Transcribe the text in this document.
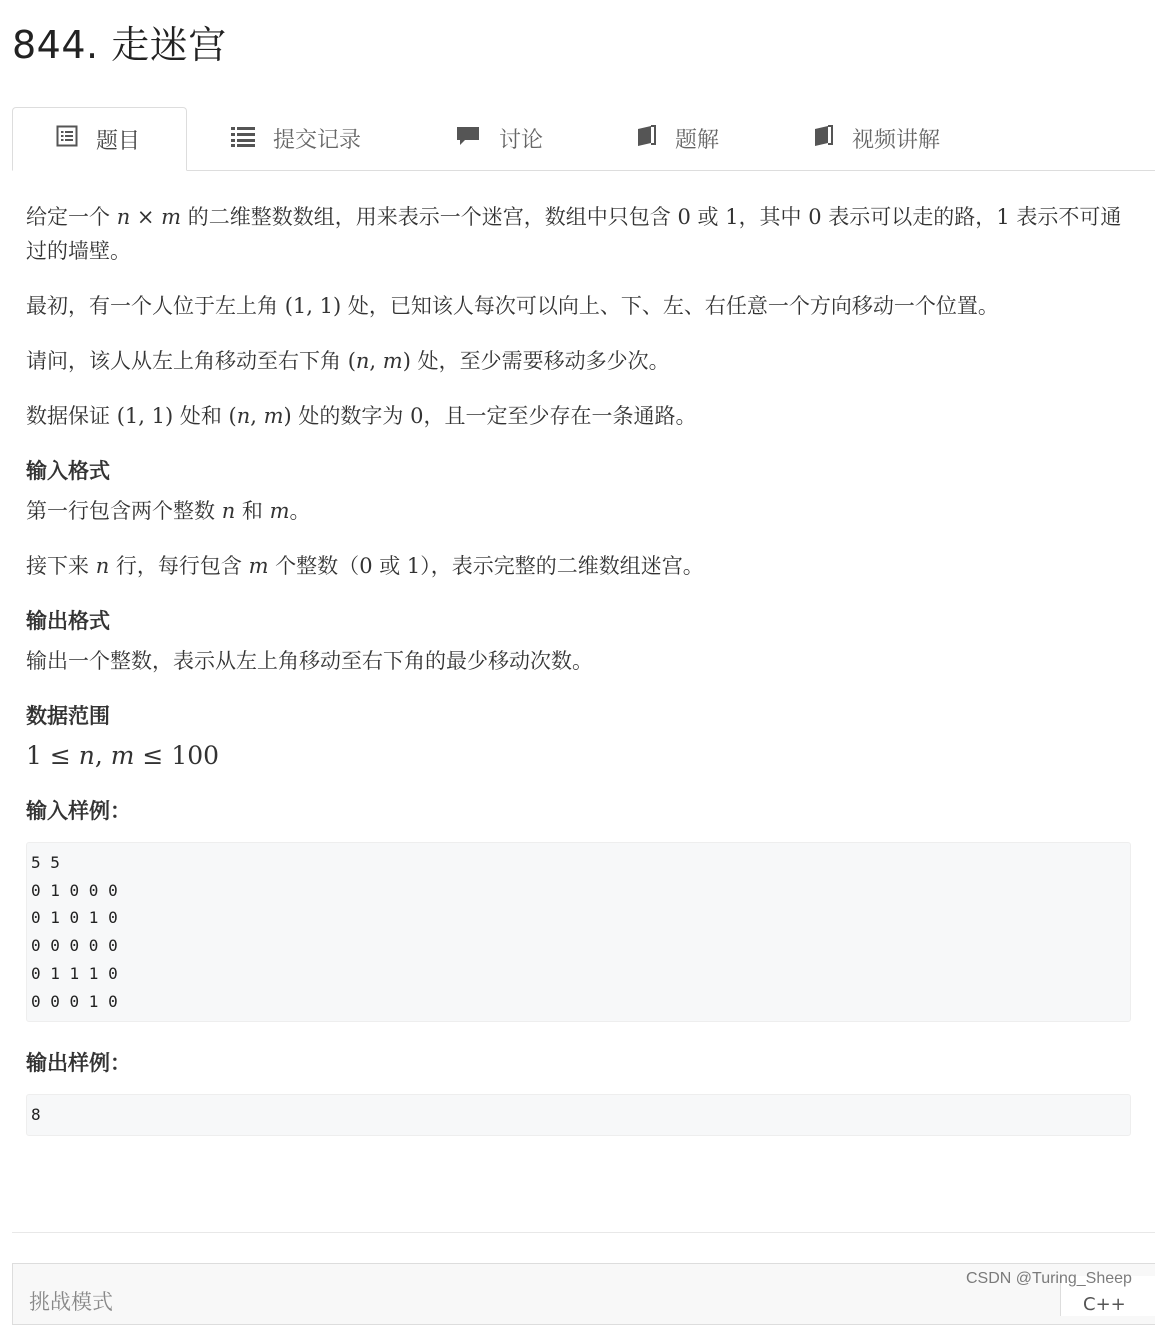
844. 走迷宫
题目	提交记录	讨论	题解	视频讲解

给定一个 n × m 的二维整数数组，用来表示一个迷宫，数组中只包含 0 或 1，其中 0 表示可以走的路，1 表示不可通过的墙壁。

最初，有一个人位于左上角 (1, 1) 处，已知该人每次可以向上、下、左、右任意一个方向移动一个位置。

请问，该人从左上角移动至右下角 (n, m) 处，至少需要移动多少次。

数据保证 (1, 1) 处和 (n, m) 处的数字为 0，且一定至少存在一条通路。

输入格式

第一行包含两个整数 n 和 m。

接下来 n 行，每行包含 m 个整数（0 或 1），表示完整的二维数组迷宫。

输出格式

输出一个整数，表示从左上角移动至右下角的最少移动次数。

数据范围

1 ≤ n, m ≤ 100

输入样例：
5 5
0 1 0 0 0
0 1 0 1 0
0 0 0 0 0
0 1 1 1 0
0 0 0 1 0
输出样例：
8
挑战模式	C++
CSDN @Turing_Sheep
